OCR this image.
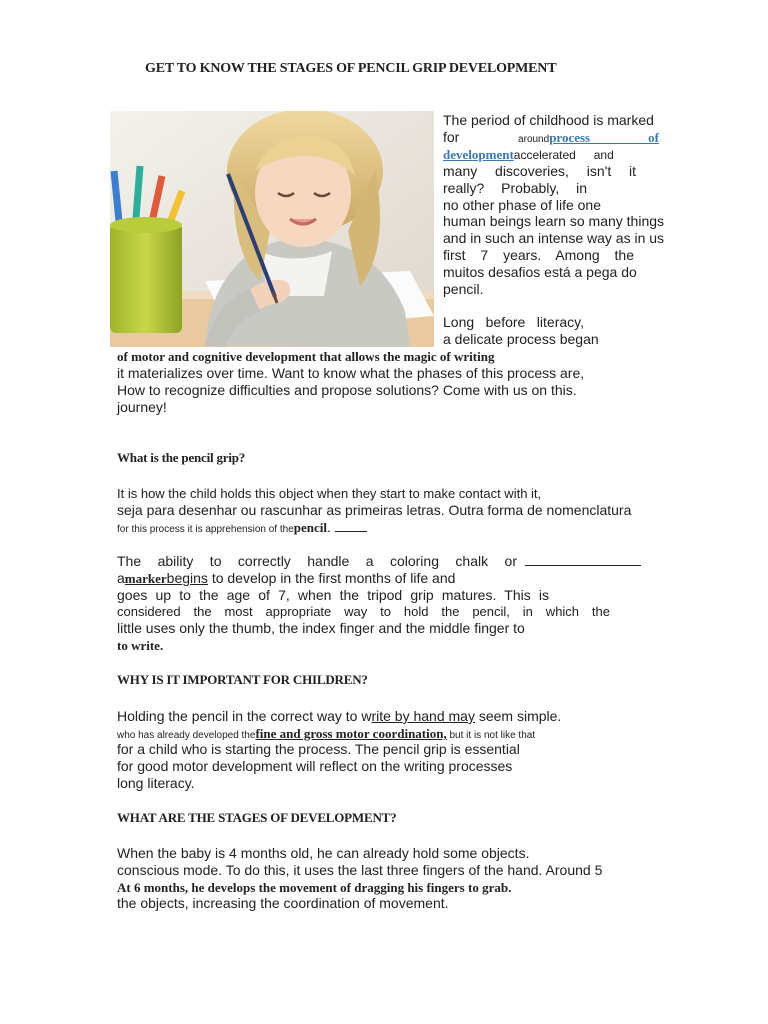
GET TO KNOW THE STAGES OF PENCIL GRIP DEVELOPMENT
The period of childhood is marked
for	aroundprocess of
developmentaccelerated and
many discoveries, isn't it
really? Probably, in
no other phase of life one
human beings learn so many things
and in such an intense way as in us
first 7 years. Among the
muitos desafios está a pega do
pencil.
Long before literacy,
a delicate process began
of motor and cognitive development that allows the magic of writing
it materializes over time. Want to know what the phases of this process are,
How to recognize difficulties and propose solutions? Come with us on this.
journey!
What is the pencil grip?
It is how the child holds this object when they start to make contact with it,
seja para desenhar ou rascunhar as primeiras letras. Outra forma de nomenclatura
for this process it is apprehension of thepencil.
The ability to correctly handle a coloring chalk or
amarkerbegins to develop in the first months of life and
goes up to the age of 7, when the tripod grip matures. This is
considered the most appropriate way to hold the pencil, in which the
little uses only the thumb, the index finger and the middle finger to
to write.
WHY IS IT IMPORTANT FOR CHILDREN?
Holding the pencil in the correct way to write by hand may seem simple.
who has already developed thefine and gross motor coordination, but it is not like that
for a child who is starting the process. The pencil grip is essential
for good motor development will reflect on the writing processes
long literacy.
WHAT ARE THE STAGES OF DEVELOPMENT?
When the baby is 4 months old, he can already hold some objects.
conscious mode. To do this, it uses the last three fingers of the hand. Around 5
At 6 months, he develops the movement of dragging his fingers to grab.
the objects, increasing the coordination of movement.
